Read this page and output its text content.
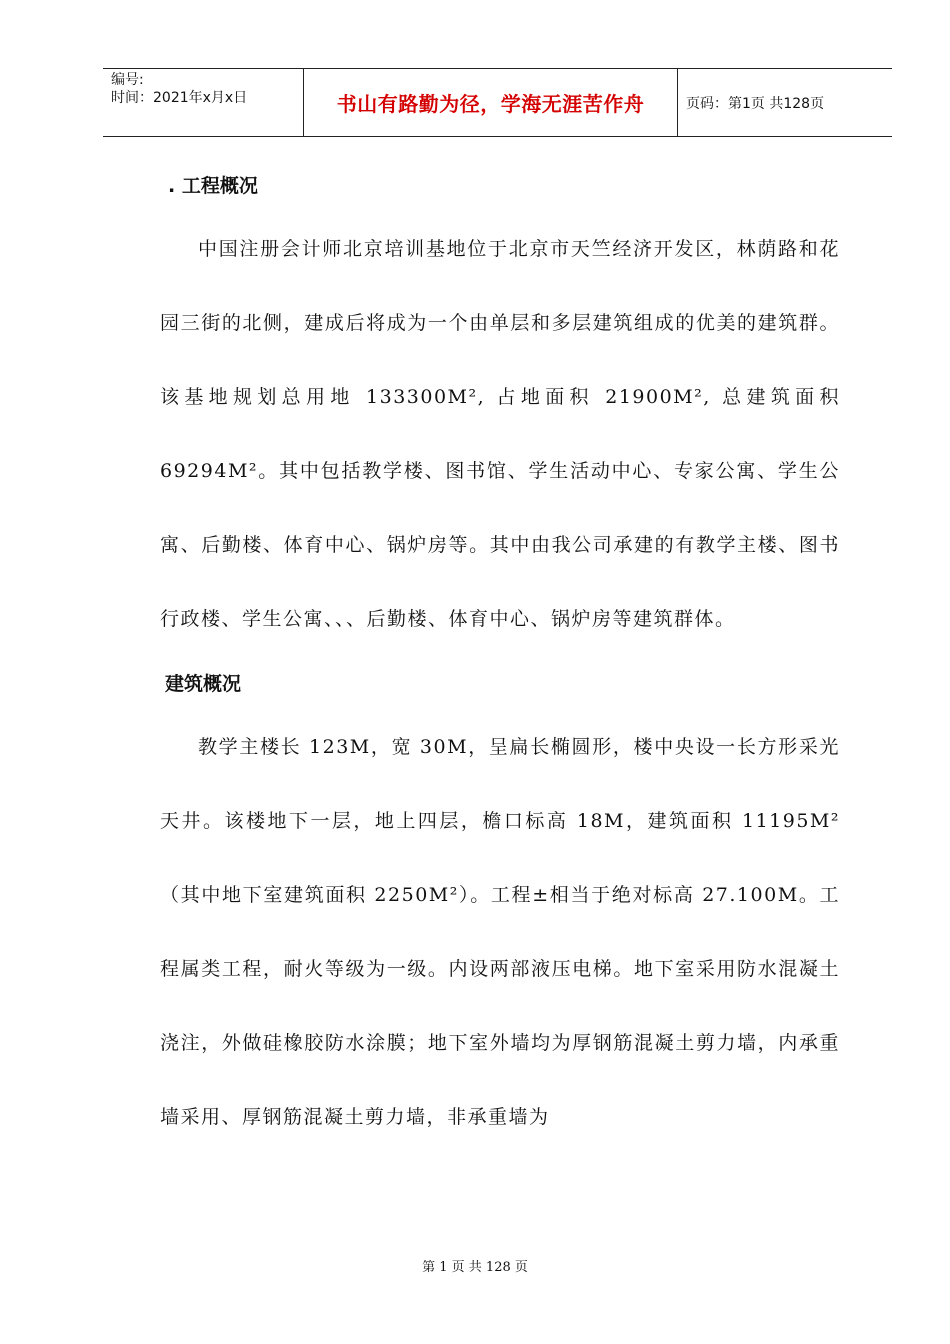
编号:
时间：2021年x月x日	书山有路勤为径，学海无涯苦作舟	页码：第1页 共128页
. 工程概况
中国注册会计师北京培训基地位于北京市天竺经济开发区，林荫路和花园三街的北侧，建成后将成为一个由单层和多层建筑组成的优美的建筑群。该基地规划总用地 133300M², 占地面积 21900M², 总建筑面积 69294M²。其中包括教学楼、图书馆、学生活动中心、专家公寓、学生公寓、后勤楼、体育中心、锅炉房等。其中由我公司承建的有教学主楼、图书行政楼、学生公寓、、、后勤楼、体育中心、锅炉房等建筑群体。
建筑概况
教学主楼长 123M，宽 30M，呈扁长椭圆形，楼中央设一长方形采光天井。该楼地下一层，地上四层，檐口标高 18M，建筑面积 11195M²（其中地下室建筑面积 2250M²）。工程±相当于绝对标高 27.100M。工程属类工程，耐火等级为一级。内设两部液压电梯。地下室采用防水混凝土浇注，外做硅橡胶防水涂膜；地下室外墙均为厚钢筋混凝土剪力墙，内承重墙采用、厚钢筋混凝土剪力墙，非承重墙为
第 1 页 共 128 页
